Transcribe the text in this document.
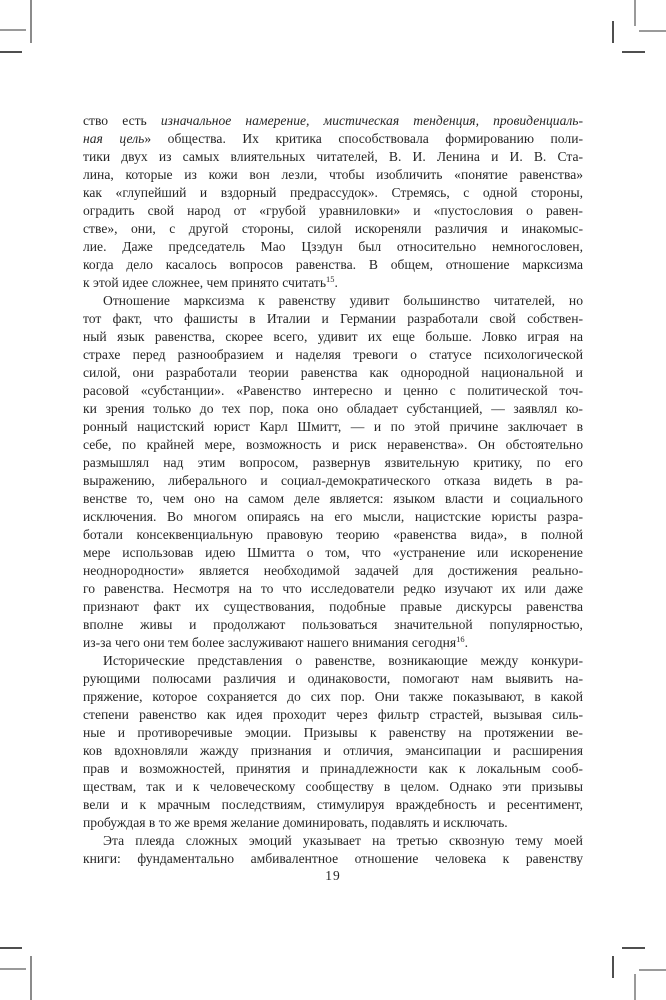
ство есть изначальное намерение, мистическая тенденция, провиденциаль-
ная цель» общества. Их критика способствовала формированию поли-
тики двух из самых влиятельных читателей, В. И. Ленина и И. В. Ста-
лина, которые из кожи вон лезли, чтобы изобличить «понятие равенства»
как «глупейший и вздорный предрассудок». Стремясь, с одной стороны,
оградить свой народ от «грубой уравниловки» и «пустословия о равен-
стве», они, с другой стороны, силой искореняли различия и инакомыс-
лие. Даже председатель Мао Цзэдун был относительно немногословен,
когда дело касалось вопросов равенства. В общем, отношение марксизма
к этой идее сложнее, чем принято считать$^{15}$.
Отношение марксизма к равенству удивит большинство читателей, но
тот факт, что фашисты в Италии и Германии разработали свой собствен-
ный язык равенства, скорее всего, удивит их еще больше. Ловко играя на
страхе перед разнообразием и наделяя тревоги о статусе психологической
силой, они разработали теории равенства как однородной национальной и
расовой «субстанции». «Равенство интересно и ценно с политической точ-
ки зрения только до тех пор, пока оно обладает субстанцией, — заявлял ко-
ронный нацистский юрист Карл Шмитт, — и по этой причине заключает в
себе, по крайней мере, возможность и риск неравенства». Он обстоятельно
размышлял над этим вопросом, развернув язвительную критику, по его
выражению, либерального и социал-демократического отказа видеть в ра-
венстве то, чем оно на самом деле является: языком власти и социального
исключения. Во многом опираясь на его мысли, нацистские юристы разра-
ботали консеквенциальную правовую теорию «равенства вида», в полной
мере использовав идею Шмитта о том, что «устранение или искоренение
неоднородности» является необходимой задачей для достижения реально-
го равенства. Несмотря на то что исследователи редко изучают их или даже
признают факт их существования, подобные правые дискурсы равенства
вполне живы и продолжают пользоваться значительной популярностью,
из-за чего они тем более заслуживают нашего внимания сегодня$^{16}$.
Исторические представления о равенстве, возникающие между конкури-
рующими полюсами различия и одинаковости, помогают нам выявить на-
пряжение, которое сохраняется до сих пор. Они также показывают, в какой
степени равенство как идея проходит через фильтр страстей, вызывая силь-
ные и противоречивые эмоции. Призывы к равенству на протяжении ве-
ков вдохновляли жажду признания и отличия, эмансипации и расширения
прав и возможностей, принятия и принадлежности как к локальным сооб-
ществам, так и к человеческому сообществу в целом. Однако эти призывы
вели и к мрачным последствиям, стимулируя враждебность и ресентимент,
пробуждая в то же время желание доминировать, подавлять и исключать.
Эта плеяда сложных эмоций указывает на третью сквозную тему моей
книги: фундаментально амбивалентное отношение человека к равенству
19
